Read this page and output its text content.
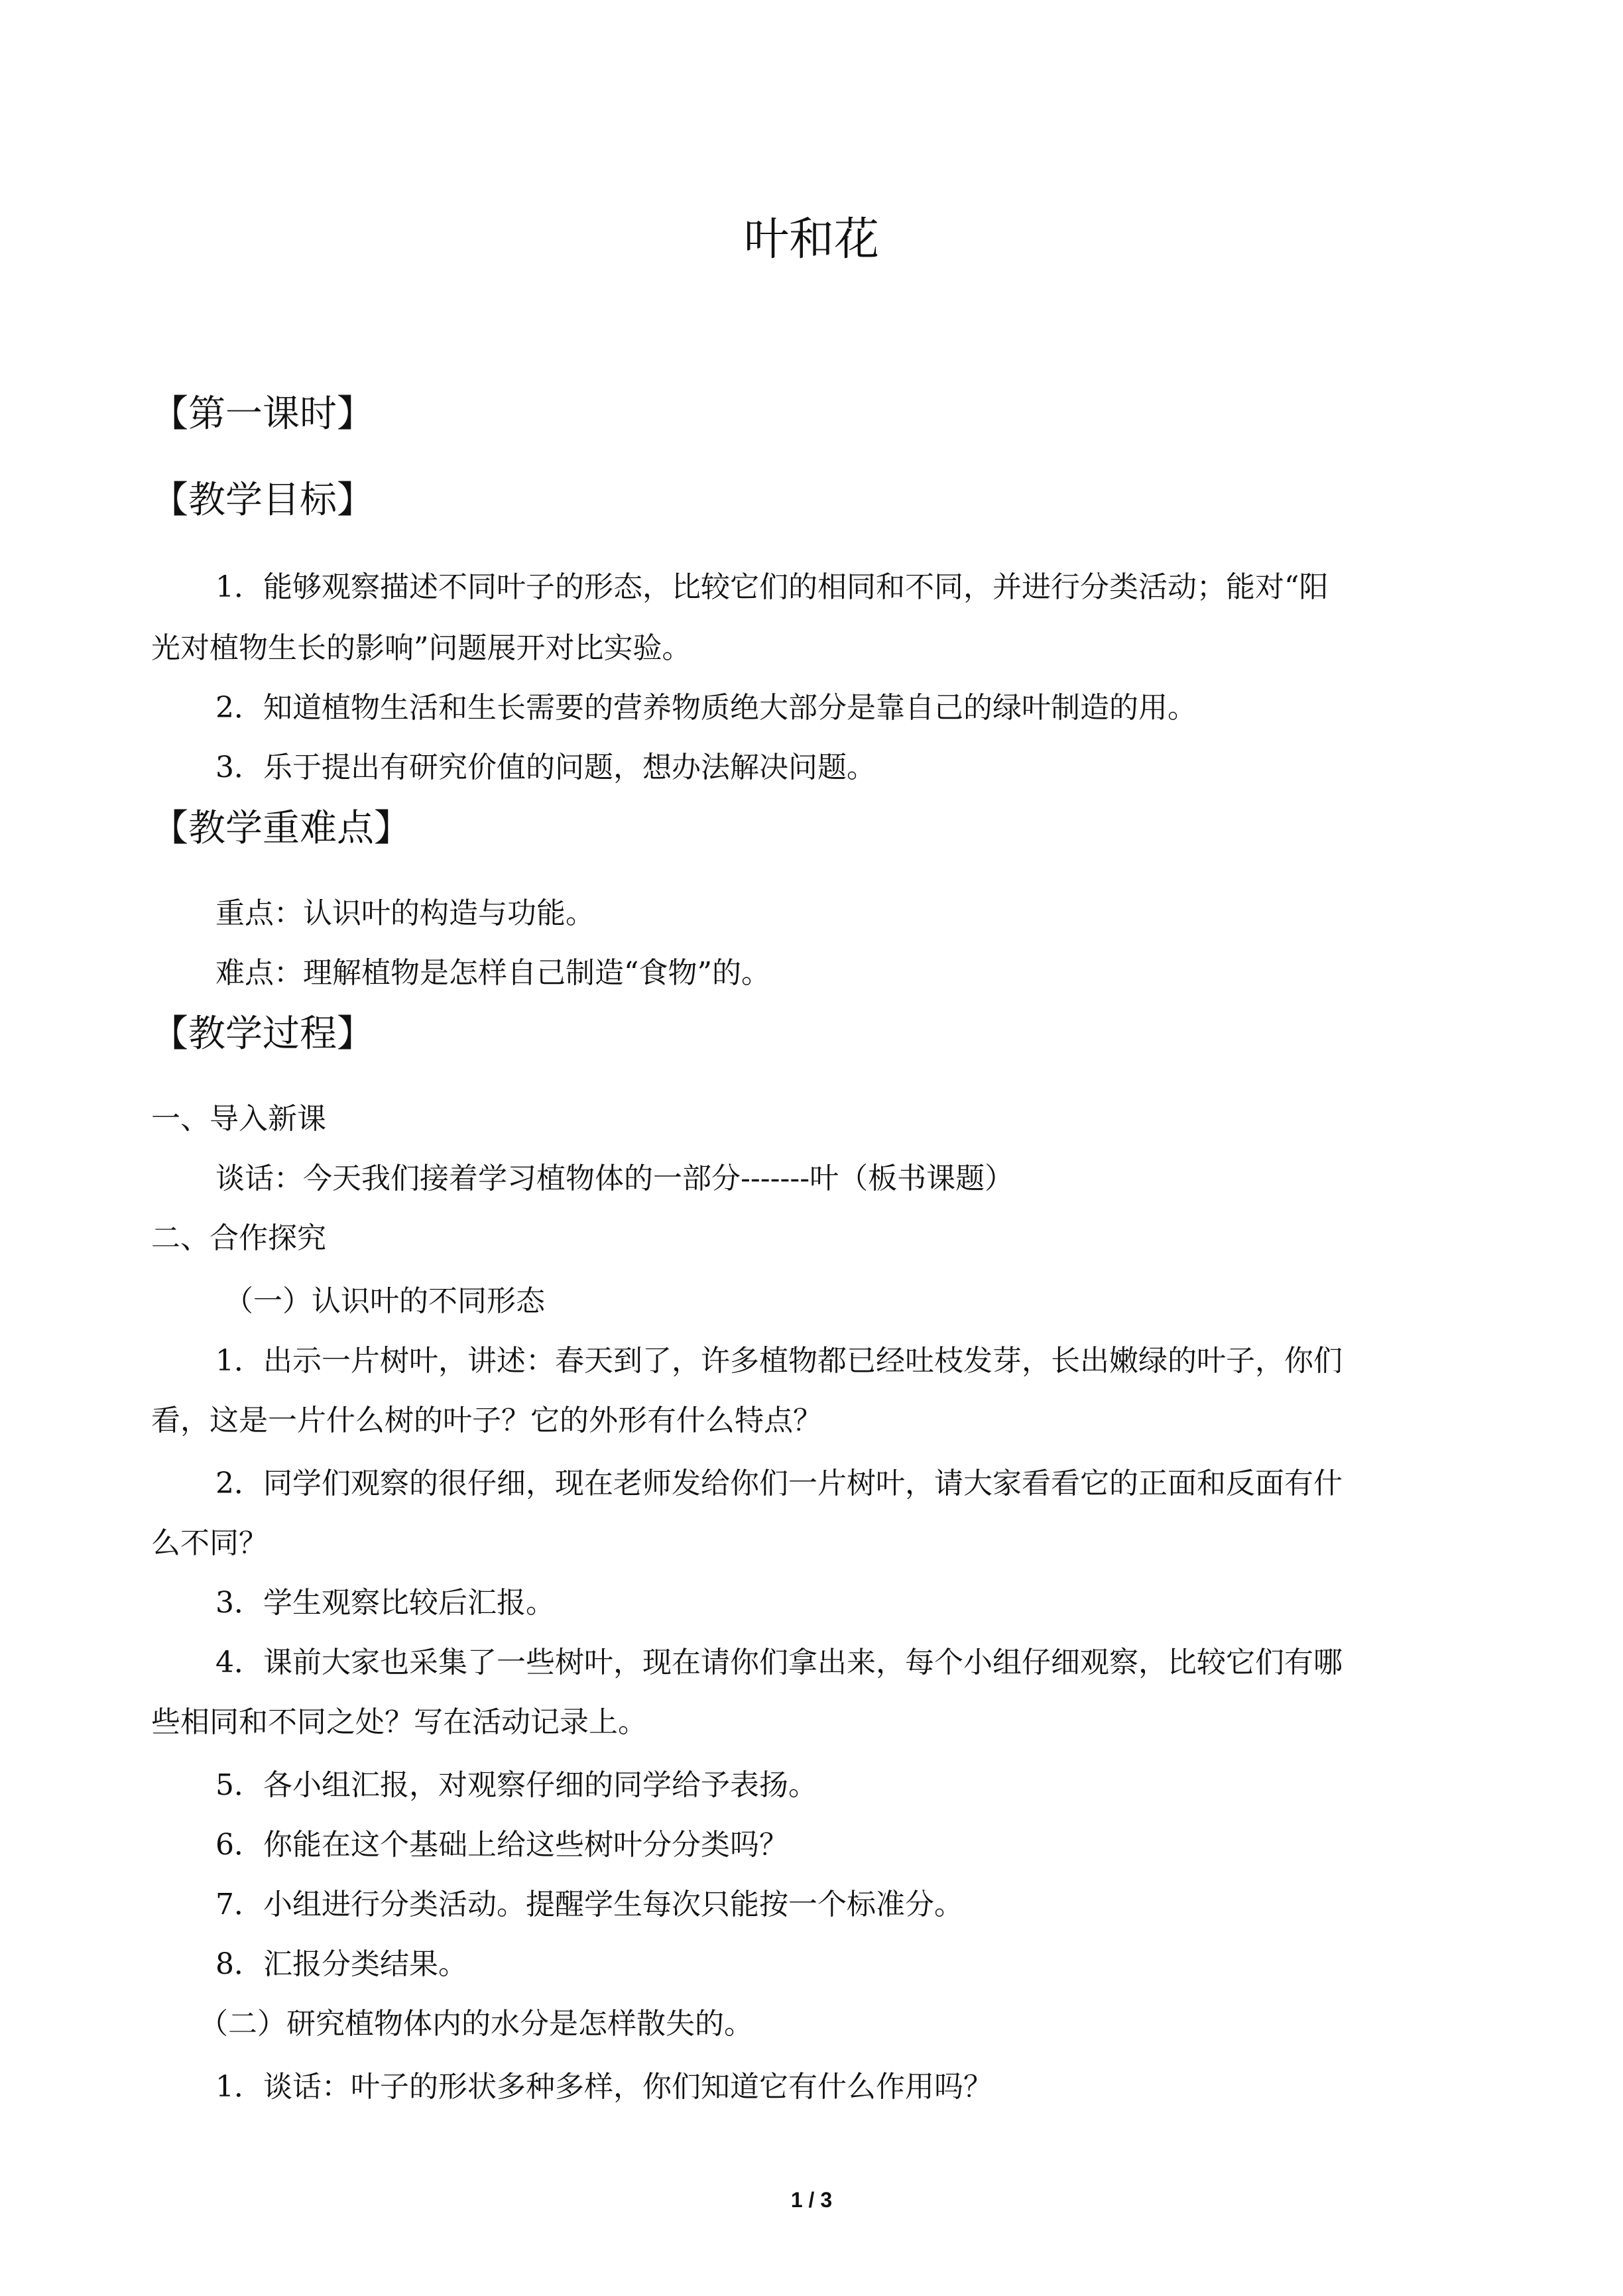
叶和花
【第一课时】
【教学目标】
1．能够观察描述不同叶子的形态，比较它们的相同和不同，并进行分类活动；能对“阳
光对植物生长的影响”问题展开对比实验。
2．知道植物生活和生长需要的营养物质绝大部分是靠自己的绿叶制造的用。
3．乐于提出有研究价值的问题，想办法解决问题。
【教学重难点】
重点：认识叶的构造与功能。
难点：理解植物是怎样自己制造“食物”的。
【教学过程】
一、导入新课
谈话：今天我们接着学习植物体的一部分-------叶（板书课题）
二、合作探究
（一）认识叶的不同形态
1．出示一片树叶，讲述：春天到了，许多植物都已经吐枝发芽，长出嫩绿的叶子，你们
看，这是一片什么树的叶子？它的外形有什么特点？
2．同学们观察的很仔细，现在老师发给你们一片树叶，请大家看看它的正面和反面有什
么不同？
3．学生观察比较后汇报。
4．课前大家也采集了一些树叶，现在请你们拿出来，每个小组仔细观察，比较它们有哪
些相同和不同之处？写在活动记录上。
5．各小组汇报，对观察仔细的同学给予表扬。
6．你能在这个基础上给这些树叶分分类吗？
7．小组进行分类活动。提醒学生每次只能按一个标准分。
8．汇报分类结果。
（二）研究植物体内的水分是怎样散失的。
1．谈话：叶子的形状多种多样，你们知道它有什么作用吗？
1 / 3
